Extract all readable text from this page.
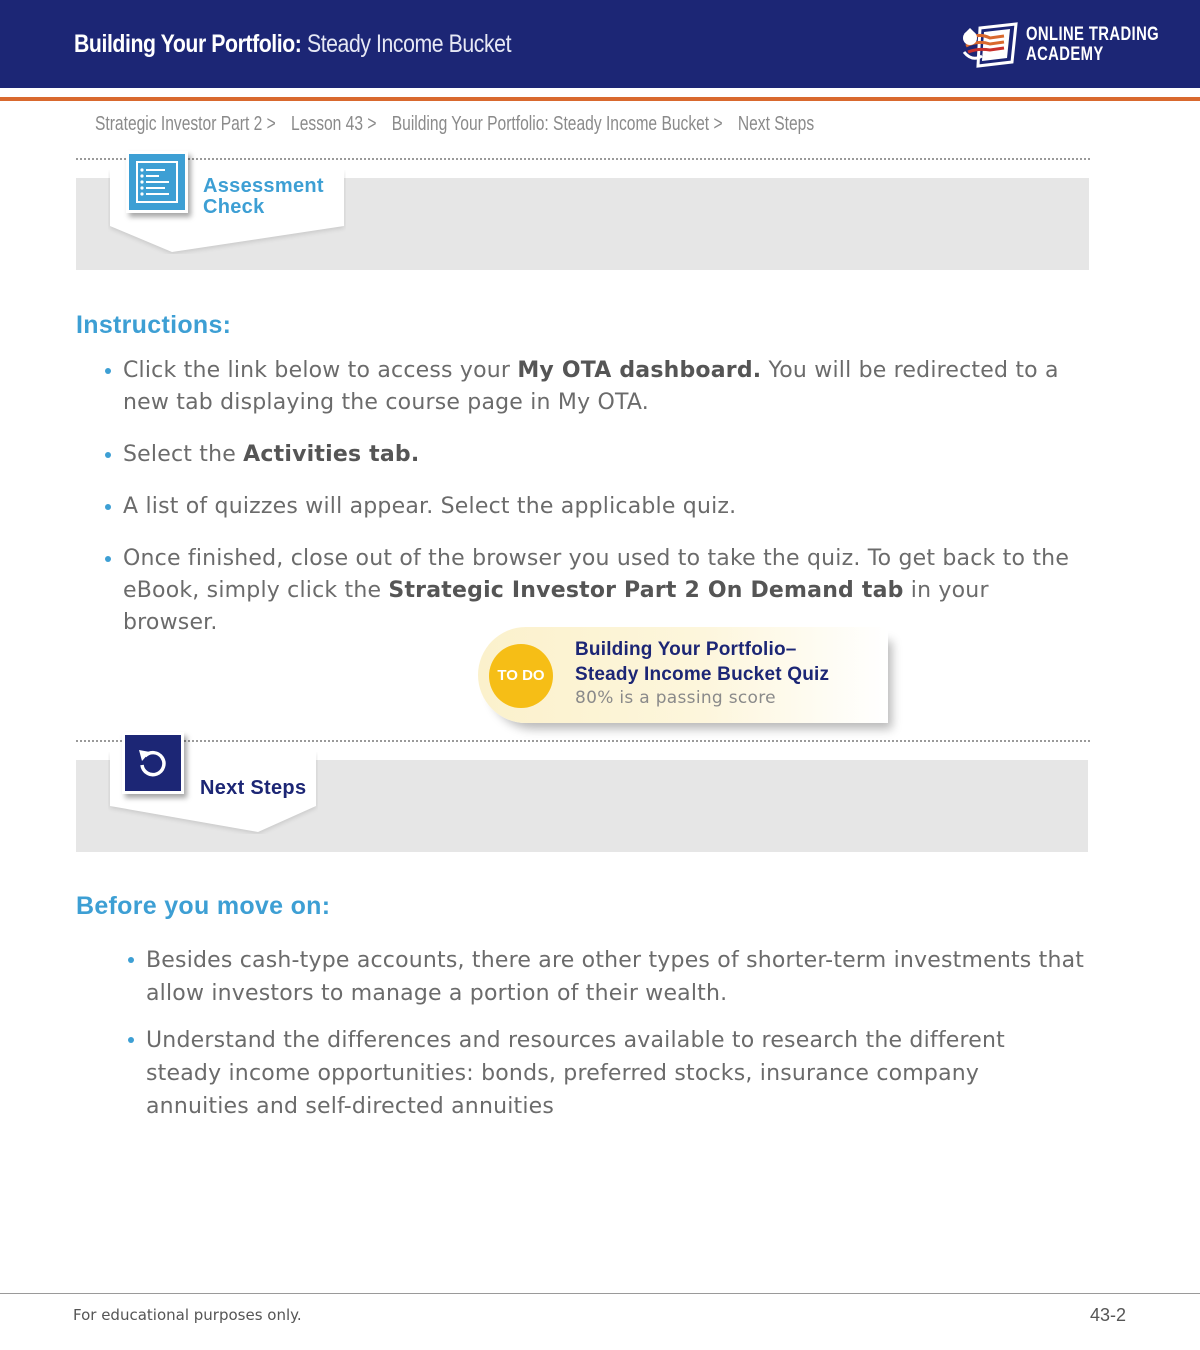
Building Your Portfolio: Steady Income Bucket	ONLINE TRADING
ACADEMY
Strategic Investor Part 2 > Lesson 43 > Building Your Portfolio: Steady Income Bucket > Next Steps
Assessment
Check
Instructions:
Click the link below to access your My OTA dashboard. You will be redirected to a new tab displaying the course page in My OTA.
Select the Activities tab.
A list of quizzes will appear. Select the applicable quiz.
Once finished, close out of the browser you used to take the quiz. To get back to the eBook, simply click the Strategic Investor Part 2 On Demand tab in your browser.
TO DO
Building Your Portfolio–
Steady Income Bucket Quiz
80% is a passing score
Next Steps
Before you move on:
Besides cash-type accounts, there are other types of shorter-term investments that allow investors to manage a portion of their wealth.
Understand the differences and resources available to research the different steady income opportunities: bonds, preferred stocks, insurance company annuities and self-directed annuities
For educational purposes only.	43-2
